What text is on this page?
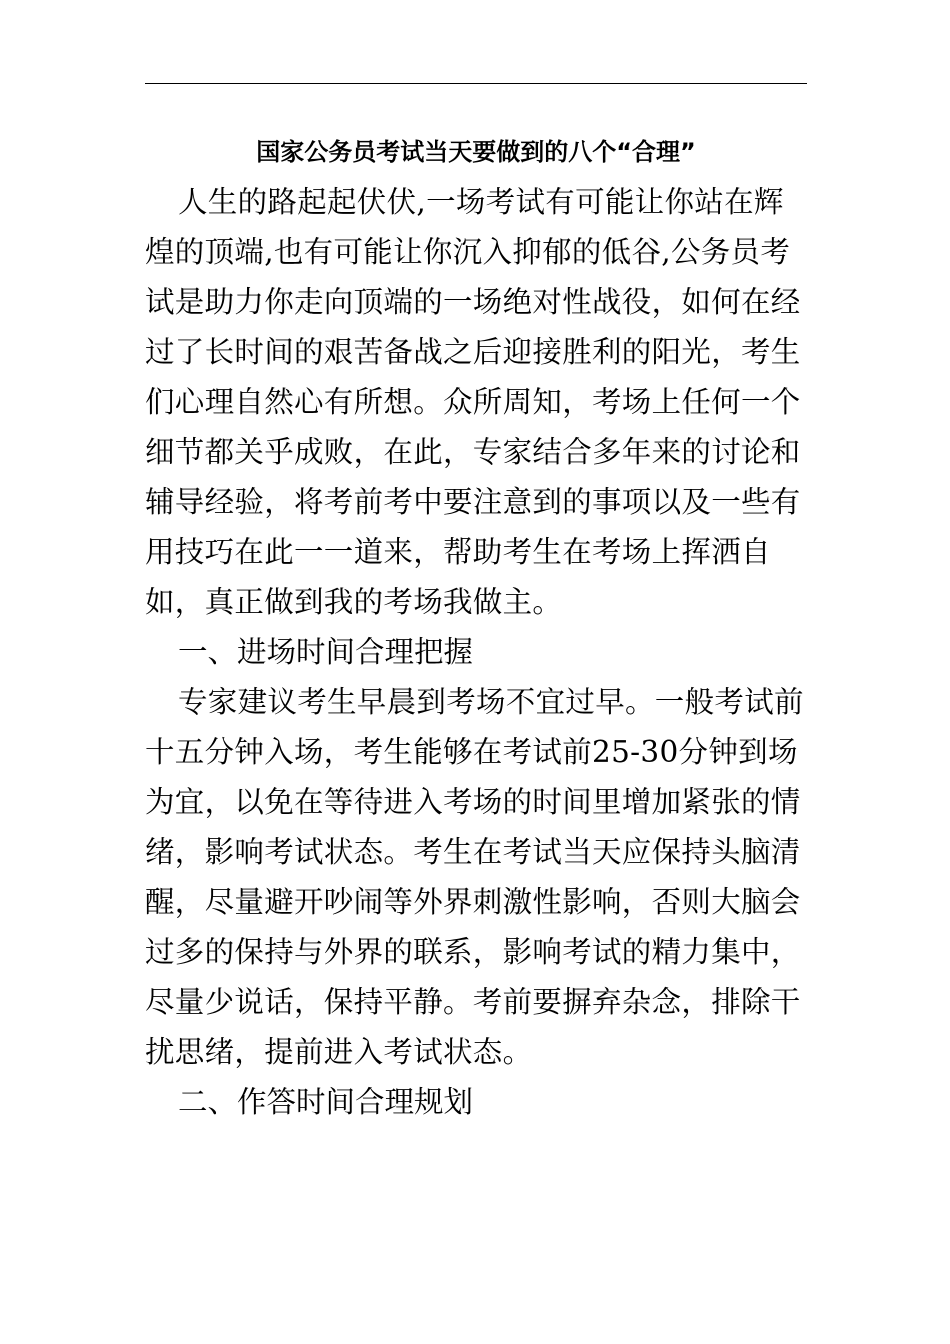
国家公务员考试当天要做到的八个“合理”

人生的路起起伏伏,一场考试有可能让你站在辉煌的顶端,也有可能让你沉入抑郁的低谷,公务员考试是助力你走向顶端的一场绝对性战役，如何在经过了长时间的艰苦备战之后迎接胜利的阳光，考生们心理自然心有所想。众所周知，考场上任何一个细节都关乎成败，在此，专家结合多年来的讨论和辅导经验，将考前考中要注意到的事项以及一些有用技巧在此一一道来，帮助考生在考场上挥洒自如，真正做到我的考场我做主。

一、进场时间合理把握

专家建议考生早晨到考场不宜过早。一般考试前十五分钟入场，考生能够在考试前25-30分钟到场为宜，以免在等待进入考场的时间里增加紧张的情绪，影响考试状态。考生在考试当天应保持头脑清醒，尽量避开吵闹等外界刺激性影响，否则大脑会过多的保持与外界的联系，影响考试的精力集中，尽量少说话，保持平静。考前要摒弃杂念，排除干扰思绪，提前进入考试状态。

二、作答时间合理规划
